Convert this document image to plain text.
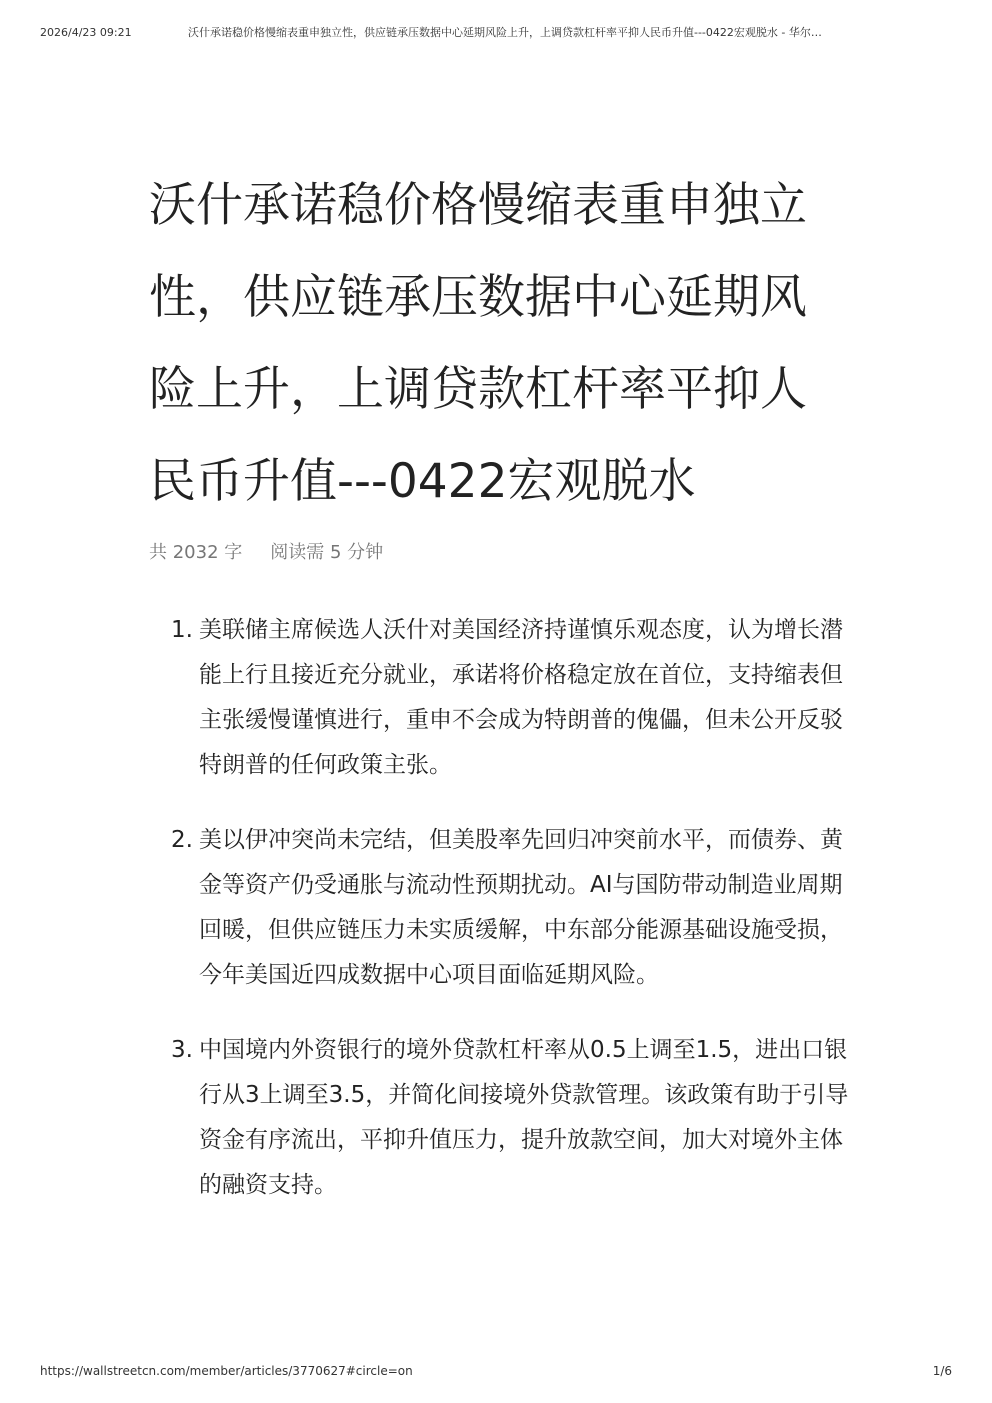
2026/4/23 09:21	沃什承诺稳价格慢缩表重申独立性，供应链承压数据中心延期风险上升，上调贷款杠杆率平抑人民币升值---0422宏观脱水 - 华尔…
沃什承诺稳价格慢缩表重申独立性，供应链承压数据中心延期风险上升，上调贷款杠杆率平抑人民币升值---0422宏观脱水
共 2032 字 阅读需 5 分钟
1. 美联储主席候选人沃什对美国经济持谨慎乐观态度，认为增长潜能上行且接近充分就业，承诺将价格稳定放在首位，支持缩表但主张缓慢谨慎进行，重申不会成为特朗普的傀儡，但未公开反驳特朗普的任何政策主张。
2. 美以伊冲突尚未完结，但美股率先回归冲突前水平，而债券、黄金等资产仍受通胀与流动性预期扰动。AI与国防带动制造业周期回暖，但供应链压力未实质缓解，中东部分能源基础设施受损，今年美国近四成数据中心项目面临延期风险。
3. 中国境内外资银行的境外贷款杠杆率从0.5上调至1.5，进出口银行从3上调至3.5，并简化间接境外贷款管理。该政策有助于引导资金有序流出，平抑升值压力，提升放款空间，加大对境外主体的融资支持。
https://wallstreetcn.com/member/articles/3770627#circle=on	1/6
